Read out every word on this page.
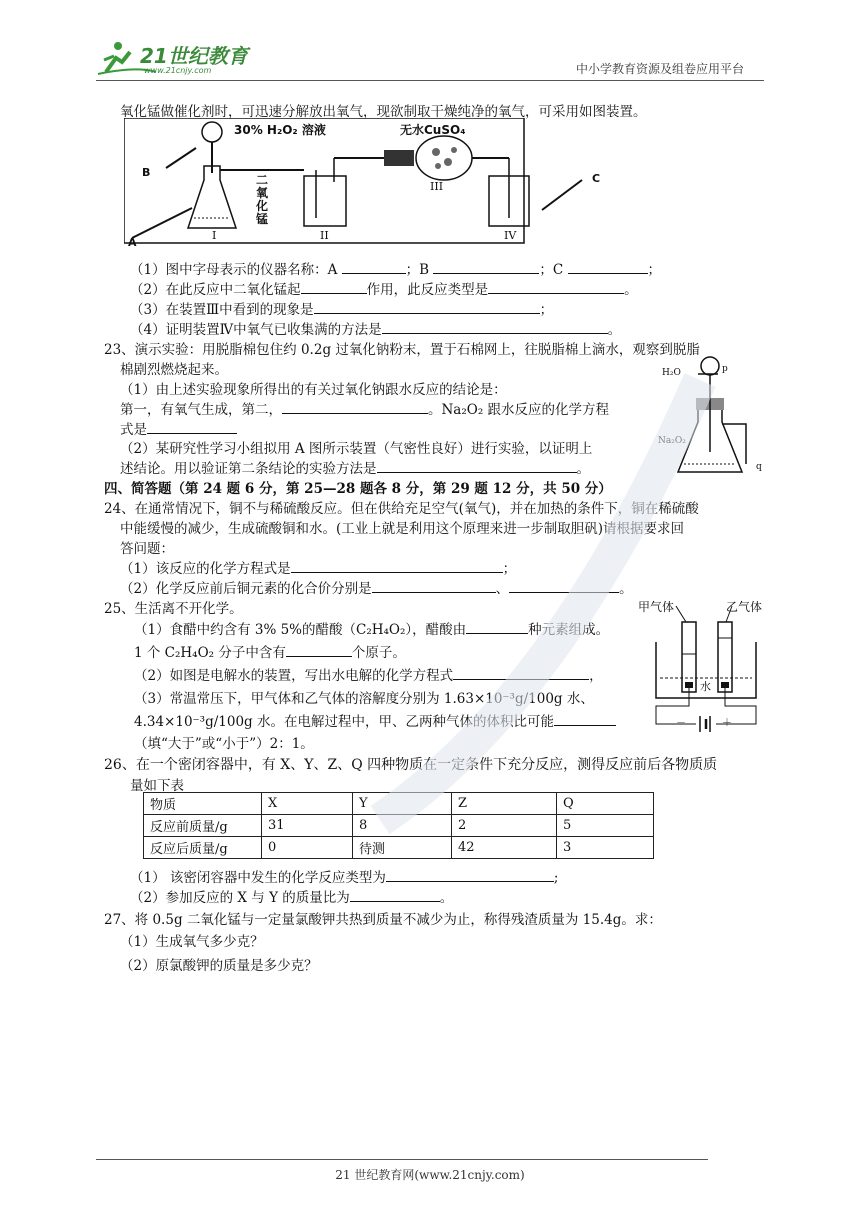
21世纪教育
www.21cnjy.com	中小学教育资源及组卷应用平台
氧化锰做催化剂时，可迅速分解放出氧气，现欲制取干燥纯净的氧气，可采用如图装置。
30% H₂O₂ 溶液	无水CuSO₄
二氧化锰
B
A
C
I	II
III
IV
（1）图中字母表示的仪器名称：A	；B	；C	；
（2）在此反应中二氧化锰起	作用，此反应类型是	。
（3）在装置Ⅲ中看到的现象是	；
（4）证明装置Ⅳ中氧气已收集满的方法是	。
23、演示实验：用脱脂棉包住约 0.2g 过氧化钠粉末，置于石棉网上，往脱脂棉上滴水，观察到脱脂
棉剧烈燃烧起来。
（1）由上述实验现象所得出的有关过氧化钠跟水反应的结论是：
第一，有氧气生成，第二，	。Na₂O₂ 跟水反应的化学方程
式是
（2）某研究性学习小组拟用 A 图所示装置（气密性良好）进行实验，以证明上
述结论。用以验证第二条结论的实验方法是	。
H₂O
Na₂O₂
p
q
四、简答题（第 24 题 6 分，第 25—28 题各 8 分，第 29 题 12 分，共 50 分）
24、在通常情况下，铜不与稀硫酸反应。但在供给充足空气(氧气)，并在加热的条件下，铜在稀硫酸
中能缓慢的减少，生成硫酸铜和水。(工业上就是利用这个原理来进一步制取胆矾)请根据要求回
答问题：
（1）该反应的化学方程式是	；
（2）化学反应前后铜元素的化合价分别是	、	。
25、生活离不开化学。
（1）食醋中约含有 3% 5%的醋酸（C₂H₄O₂），醋酸由	种元素组成。
1 个 C₂H₄O₂ 分子中含有	个原子。
（2）如图是电解水的装置，写出水电解的化学方程式	，
（3）常温常压下，甲气体和乙气体的溶解度分别为 1.63×10⁻³g/100g 水、
4.34×10⁻³g/100g 水。在电解过程中，甲、乙两种气体的体积比可能
（填“大于”或“小于”）2：1。
甲气体	乙气体
水
－	＋
26、在一个密闭容器中，有 X、Y、Z、Q 四种物质在一定条件下充分反应，测得反应前后各物质质
量如下表
物质	X	Y	Z	Q
反应前质量/g	31	8	2	5
反应后质量/g	0	待测	42	3
（1） 该密闭容器中发生的化学反应类型为	;
（2）参加反应的 X 与 Y 的质量比为	。
27、将 0.5g 二氧化锰与一定量氯酸钾共热到质量不减少为止，称得残渣质量为 15.4g。求：
（1）生成氧气多少克？
（2）原氯酸钾的质量是多少克？
21 世纪教育网(www.21cnjy.com)
